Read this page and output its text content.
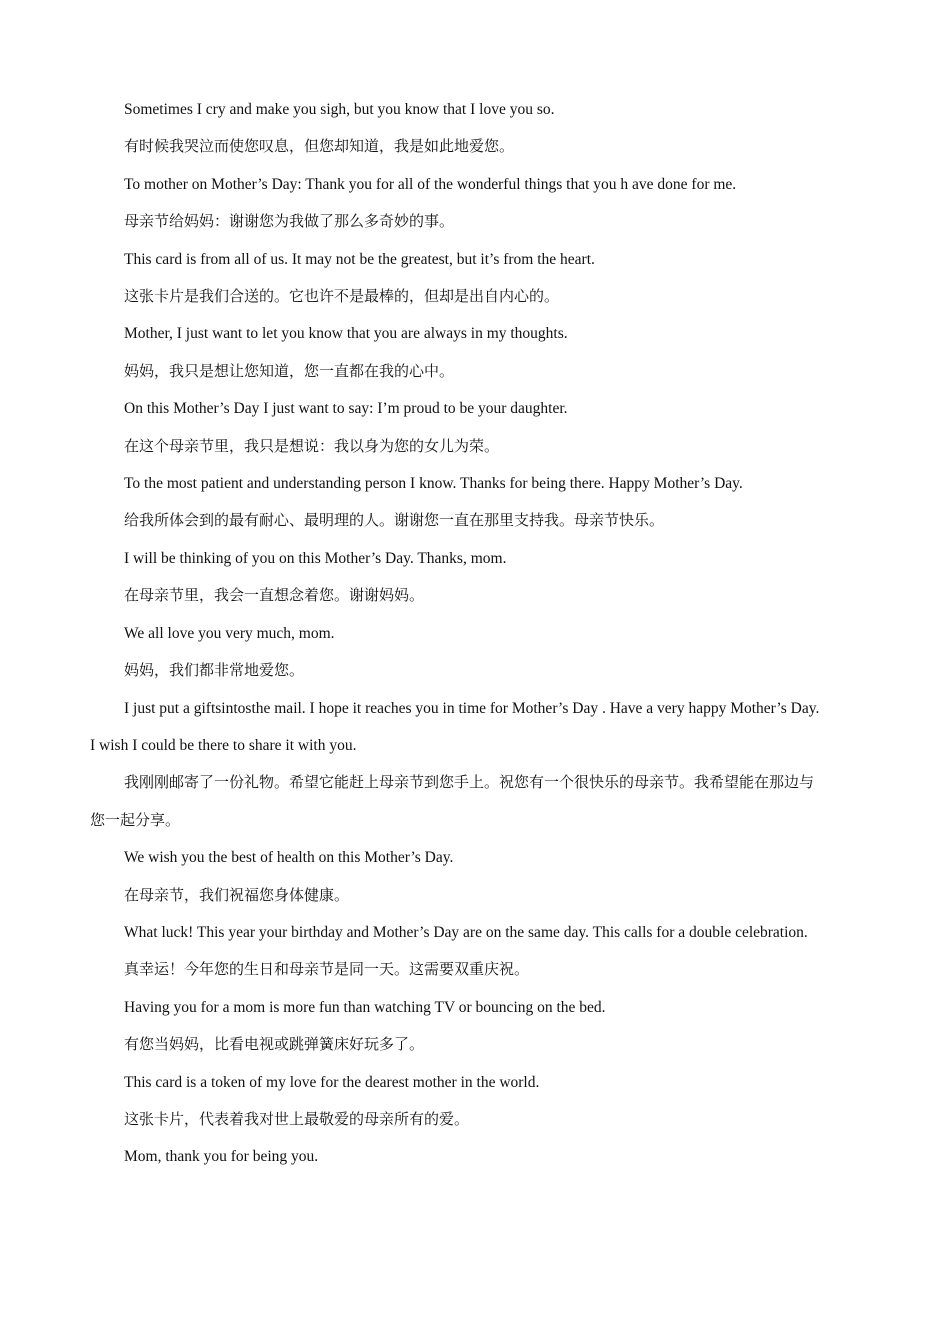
Sometimes I cry and make you sigh, but you know that I love you so.

有时候我哭泣而使您叹息，但您却知道，我是如此地爱您。

To mother on Mother’s Day: Thank you for all of the wonderful things that you h ave done for me.

母亲节给妈妈：谢谢您为我做了那么多奇妙的事。

This card is from all of us. It may not be the greatest, but it’s from the heart.

这张卡片是我们合送的。它也许不是最棒的，但却是出自内心的。

Mother, I just want to let you know that you are always in my thoughts.

妈妈，我只是想让您知道，您一直都在我的心中。

On this Mother’s Day I just want to say: I’m proud to be your daughter.

在这个母亲节里，我只是想说：我以身为您的女儿为荣。

To the most patient and understanding person I know. Thanks for being there. Happy Mother’s Day.

给我所体会到的最有耐心、最明理的人。谢谢您一直在那里支持我。母亲节快乐。

I will be thinking of you on this Mother’s Day. Thanks, mom.

在母亲节里，我会一直想念着您。谢谢妈妈。

We all love you very much, mom.

妈妈，我们都非常地爱您。

I just put a giftsintosthe mail. I hope it reaches you in time for Mother’s Day . Have a very happy Mother’s Day. I wish I could be there to share it with you.

我刚刚邮寄了一份礼物。希望它能赶上母亲节到您手上。祝您有一个很快乐的母亲节。我希望能在那边与您一起分享。

We wish you the best of health on this Mother’s Day.

在母亲节，我们祝福您身体健康。

What luck! This year your birthday and Mother’s Day are on the same day. This calls for a double celebration.

真幸运！今年您的生日和母亲节是同一天。这需要双重庆祝。

Having you for a mom is more fun than watching TV or bouncing on the bed.

有您当妈妈，比看电视或跳弹簧床好玩多了。

This card is a token of my love for the dearest mother in the world.

这张卡片，代表着我对世上最敬爱的母亲所有的爱。

Mom, thank you for being you.
